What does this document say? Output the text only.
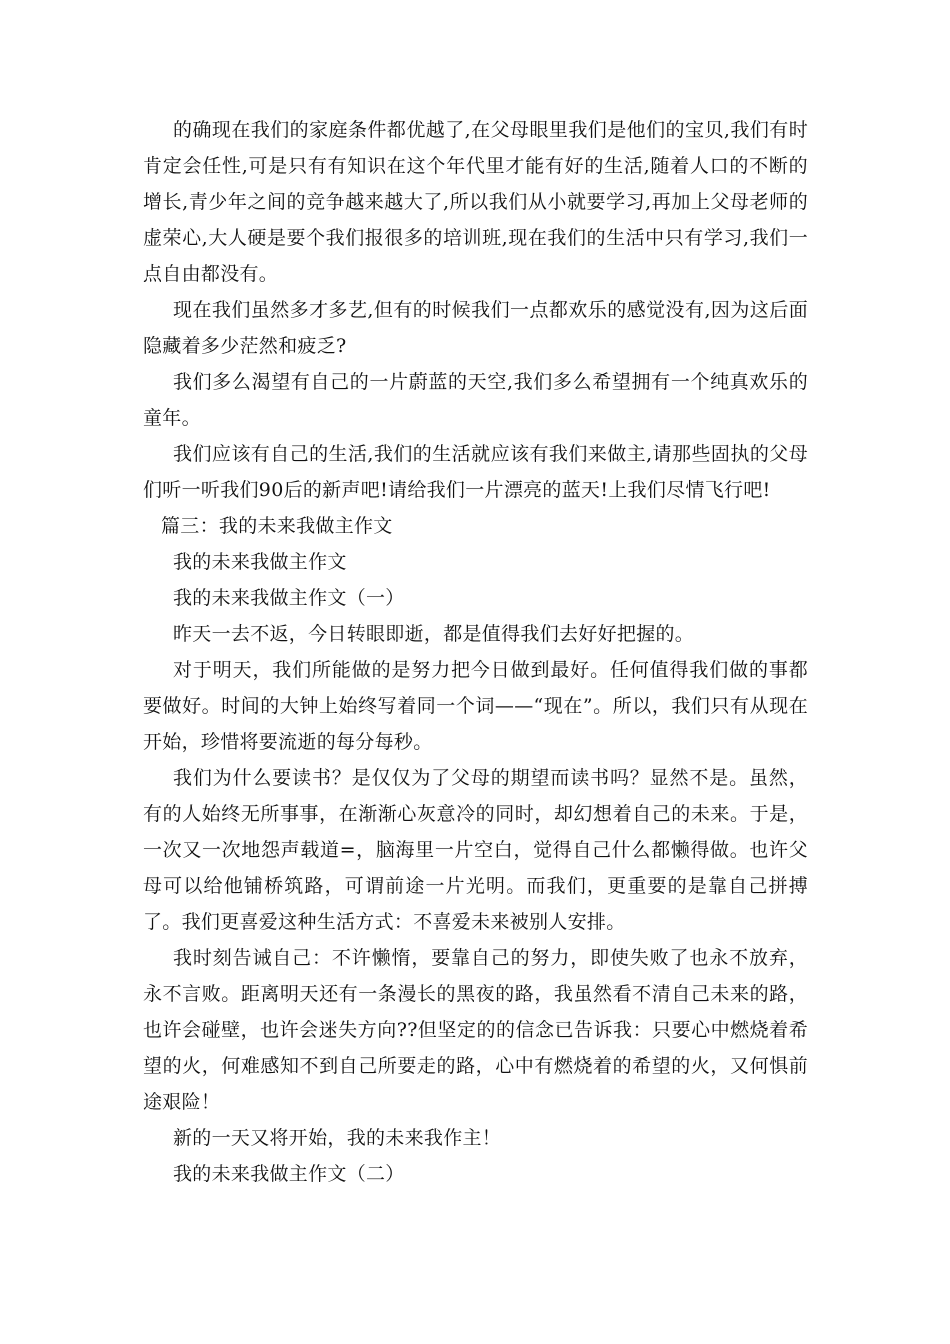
的确现在我们的家庭条件都优越了,在父母眼里我们是他们的宝贝,我们有时肯定会任性,可是只有有知识在这个年代里才能有好的生活,随着人口的不断的增长,青少年之间的竞争越来越大了,所以我们从小就要学习,再加上父母老师的虚荣心,大人硬是要个我们报很多的培训班,现在我们的生活中只有学习,我们一点自由都没有。

现在我们虽然多才多艺,但有的时候我们一点都欢乐的感觉没有,因为这后面隐藏着多少茫然和疲乏?

我们多么渴望有自己的一片蔚蓝的天空,我们多么希望拥有一个纯真欢乐的童年。

我们应该有自己的生活,我们的生活就应该有我们来做主,请那些固执的父母们听一听我们90后的新声吧!请给我们一片漂亮的蓝天!上我们尽情飞行吧!

篇三：我的未来我做主作文

我的未来我做主作文

我的未来我做主作文（一）

昨天一去不返，今日转眼即逝，都是值得我们去好好把握的。

对于明天，我们所能做的是努力把今日做到最好。任何值得我们做的事都要做好。时间的大钟上始终写着同一个词——“现在”。所以，我们只有从现在开始，珍惜将要流逝的每分每秒。

我们为什么要读书？是仅仅为了父母的期望而读书吗？显然不是。虽然，有的人始终无所事事，在渐渐心灰意冷的同时，却幻想着自己的未来。于是，一次又一次地怨声载道=，脑海里一片空白，觉得自己什么都懒得做。也许父母可以给他铺桥筑路，可谓前途一片光明。而我们，更重要的是靠自己拼搏了。我们更喜爱这种生活方式：不喜爱未来被别人安排。

我时刻告诫自己：不许懒惰，要靠自己的努力，即使失败了也永不放弃，永不言败。距离明天还有一条漫长的黑夜的路，我虽然看不清自己未来的路，也许会碰壁，也许会迷失方向??但坚定的的信念已告诉我：只要心中燃烧着希望的火，何难感知不到自己所要走的路，心中有燃烧着的希望的火，又何惧前途艰险！

新的一天又将开始，我的未来我作主！

我的未来我做主作文（二）
